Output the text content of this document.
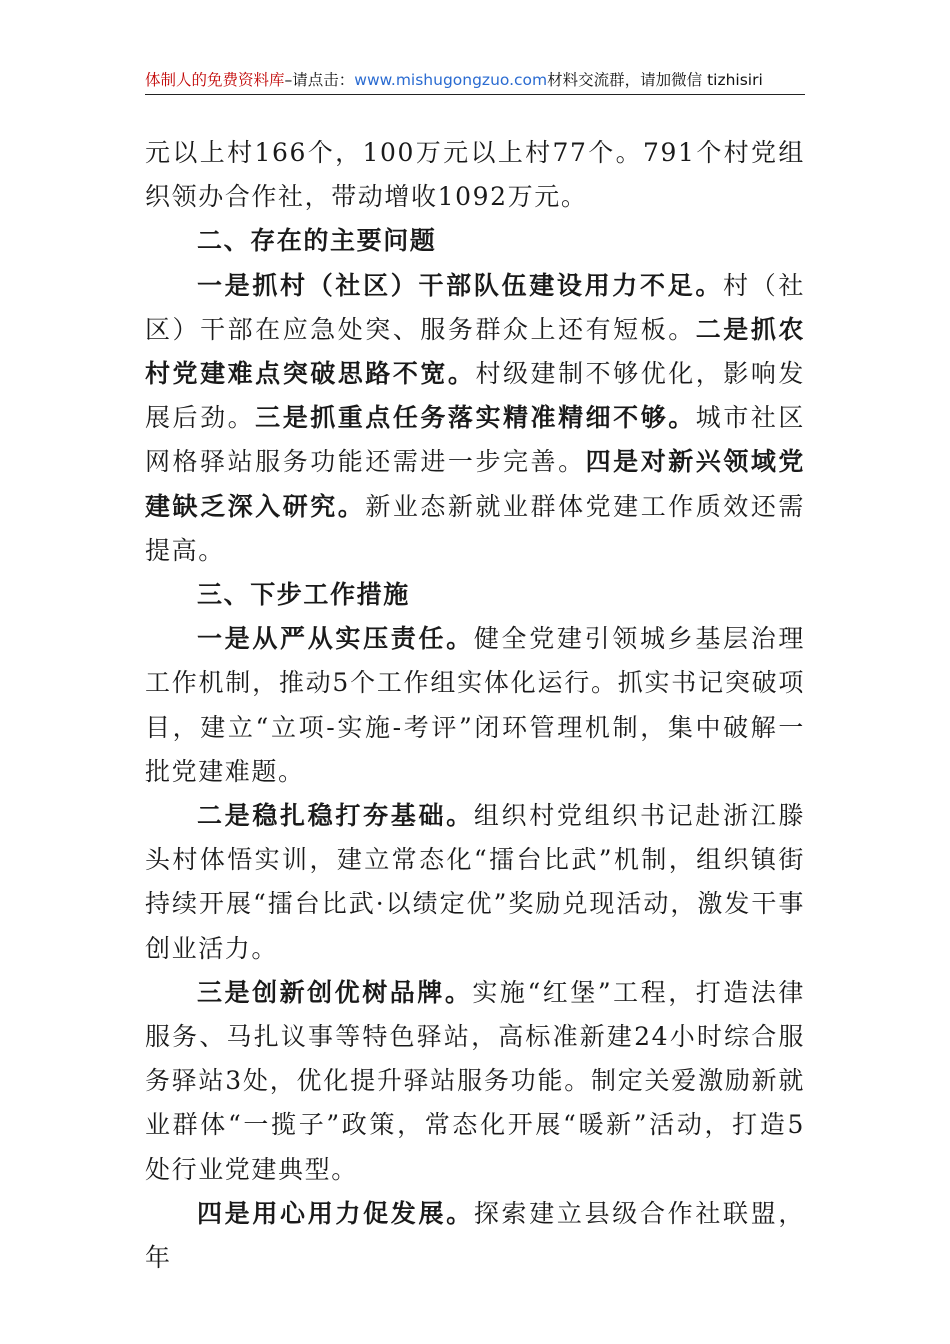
体制人的免费资料库–请点击：www.mishugongzuo.com材料交流群，请加微信 tizhisiri

元以上村166个，100万元以上村77个。791个村党组织领办合作社，带动增收1092万元。

二、存在的主要问题

一是抓村（社区）干部队伍建设用力不足。村（社区）干部在应急处突、服务群众上还有短板。二是抓农村党建难点突破思路不宽。村级建制不够优化，影响发展后劲。三是抓重点任务落实精准精细不够。城市社区网格驿站服务功能还需进一步完善。四是对新兴领域党建缺乏深入研究。新业态新就业群体党建工作质效还需提高。

三、下步工作措施

一是从严从实压责任。健全党建引领城乡基层治理工作机制，推动5个工作组实体化运行。抓实书记突破项目，建立“立项-实施-考评”闭环管理机制，集中破解一批党建难题。

二是稳扎稳打夯基础。组织村党组织书记赴浙江滕头村体悟实训，建立常态化“擂台比武”机制，组织镇街持续开展“擂台比武·以绩定优”奖励兑现活动，激发干事创业活力。

三是创新创优树品牌。实施“红堡”工程，打造法律服务、马扎议事等特色驿站，高标准新建24小时综合服务驿站3处，优化提升驿站服务功能。制定关爱激励新就业群体“一揽子”政策，常态化开展“暖新”活动，打造5处行业党建典型。

四是用心用力促发展。探索建立县级合作社联盟，年
